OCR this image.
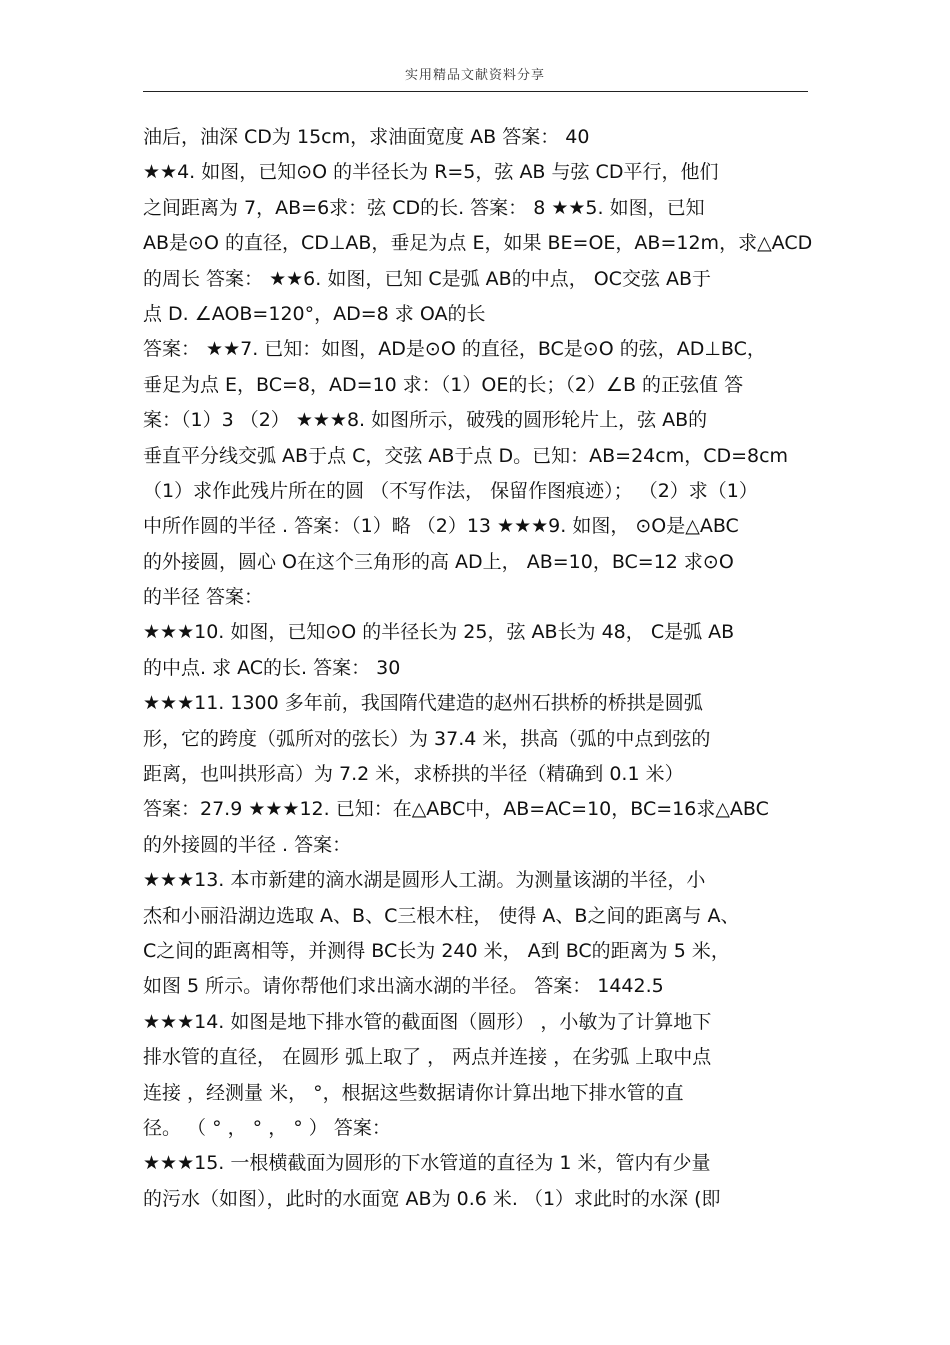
实用精品文献资料分享
油后，油深 CD为 15cm，求油面宽度 AB 答案： 40
★★4. 如图，已知⊙O 的半径长为 R=5，弦 AB 与弦 CD平行，他们
之间距离为 7，AB=6求：弦 CD的长. 答案： 8 ★★5. 如图，已知
AB是⊙O 的直径，CD⊥AB，垂足为点 E，如果 BE=OE，AB=12m，求△ACD
的周长 答案： ★★6. 如图，已知 C是弧 AB的中点， OC交弦 AB于
点 D. ∠AOB=120°，AD=8 求 OA的长
答案： ★★7. 已知：如图，AD是⊙O 的直径，BC是⊙O 的弦，AD⊥BC，
垂足为点 E，BC=8，AD=10 求：（1）OE的长；（2）∠B 的正弦值 答
案：（1）3 （2） ★★★8. 如图所示，破残的圆形轮片上，弦 AB的
垂直平分线交弧 AB于点 C，交弦 AB于点 D。已知：AB=24cm，CD=8cm
（1）求作此残片所在的圆 （不写作法， 保留作图痕迹）； （2）求（1）
中所作圆的半径 . 答案：（1）略 （2）13 ★★★9. 如图， ⊙O是△ABC
的外接圆，圆心 O在这个三角形的高 AD上， AB=10，BC=12 求⊙O
的半径 答案：
★★★10. 如图，已知⊙O 的半径长为 25，弦 AB长为 48， C是弧 AB
的中点. 求 AC的长. 答案： 30
★★★11. 1300 多年前，我国隋代建造的赵州石拱桥的桥拱是圆弧
形，它的跨度（弧所对的弦长）为 37.4 米，拱高（弧的中点到弦的
距离，也叫拱形高）为 7.2 米，求桥拱的半径（精确到 0.1 米）
答案：27.9 ★★★12. 已知：在△ABC中，AB=AC=10，BC=16求△ABC
的外接圆的半径 . 答案：
★★★13. 本市新建的滴水湖是圆形人工湖。为测量该湖的半径，小
杰和小丽沿湖边选取 A、B、C三根木柱， 使得 A、B之间的距离与 A、
C之间的距离相等，并测得 BC长为 240 米， A到 BC的距离为 5 米，
如图 5 所示。请你帮他们求出滴水湖的半径。 答案： 1442.5
★★★14. 如图是地下排水管的截面图（圆形） ，小敏为了计算地下
排水管的直径， 在圆形 弧上取了 ， 两点并连接 ，在劣弧 上取中点
连接 ，经测量 米， °，根据这些数据请你计算出地下排水管的直
径。 （ ° ， ° ， ° ） 答案：
★★★15. 一根横截面为圆形的下水管道的直径为 1 米，管内有少量
的污水（如图），此时的水面宽 AB为 0.6 米. （1）求此时的水深 (即
